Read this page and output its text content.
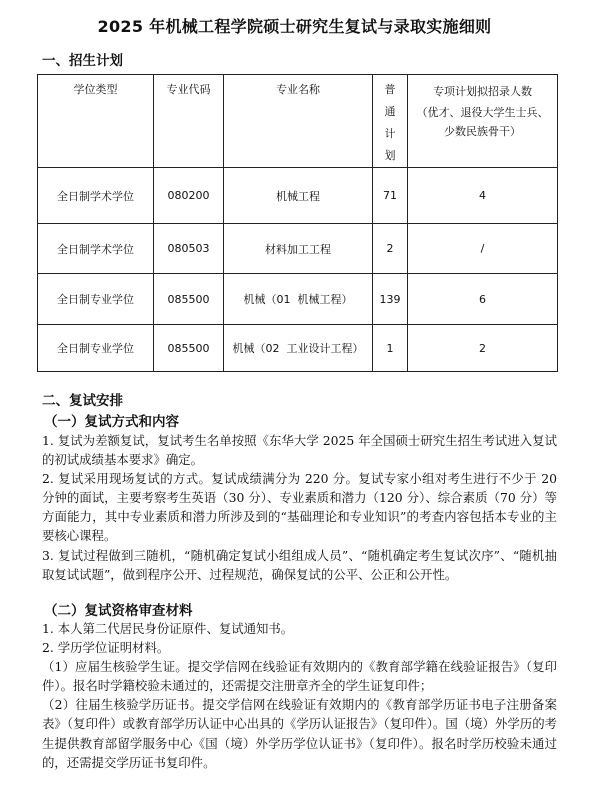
2025 年机械工程学院硕士研究生复试与录取实施细则
一、招生计划
学位类型	专业代码	专业名称	普
通
计
划	专项计划拟招录人数
（优才、退役大学生士兵、少数民族骨干）

全日制学术学位	080200	机械工程	71	4
全日制学术学位	080503	材料加工工程	2	/
全日制专业学位	085500	机械（01  机械工程）	139	6
全日制专业学位	085500	机械（02  工业设计工程）	1	2
二、复试安排
（一）复试方式和内容

1. 复试为差额复试，复试考生名单按照《东华大学 2025 年全国硕士研究生招生考试进入复试的初试成绩基本要求》确定。

2. 复试采用现场复试的方式。复试成绩满分为 220 分。复试专家小组对考生进行不少于 20 分钟的面试，主要考察考生英语（30 分）、专业素质和潜力（120 分）、综合素质（70 分）等方面能力，其中专业素质和潜力所涉及到的“基础理论和专业知识”的考查内容包括本专业的主要核心课程。

3. 复试过程做到三随机，“随机确定复试小组组成人员”、“随机确定考生复试次序”、“随机抽取复试试题”，做到程序公开、过程规范，确保复试的公平、公正和公开性。

（二）复试资格审查材料

1. 本人第二代居民身份证原件、复试通知书。

2. 学历学位证明材料。

（1）应届生核验学生证。提交学信网在线验证有效期内的《教育部学籍在线验证报告》（复印件）。报名时学籍校验未通过的，还需提交注册章齐全的学生证复印件；

（2）往届生核验学历证书。提交学信网在线验证有效期内的《教育部学历证书电子注册备案表》（复印件）或教育部学历认证中心出具的《学历认证报告》（复印件）。国（境）外学历的考生提供教育部留学服务中心《国（境）外学历学位认证书》（复印件）。报名时学历校验未通过的，还需提交学历证书复印件。
